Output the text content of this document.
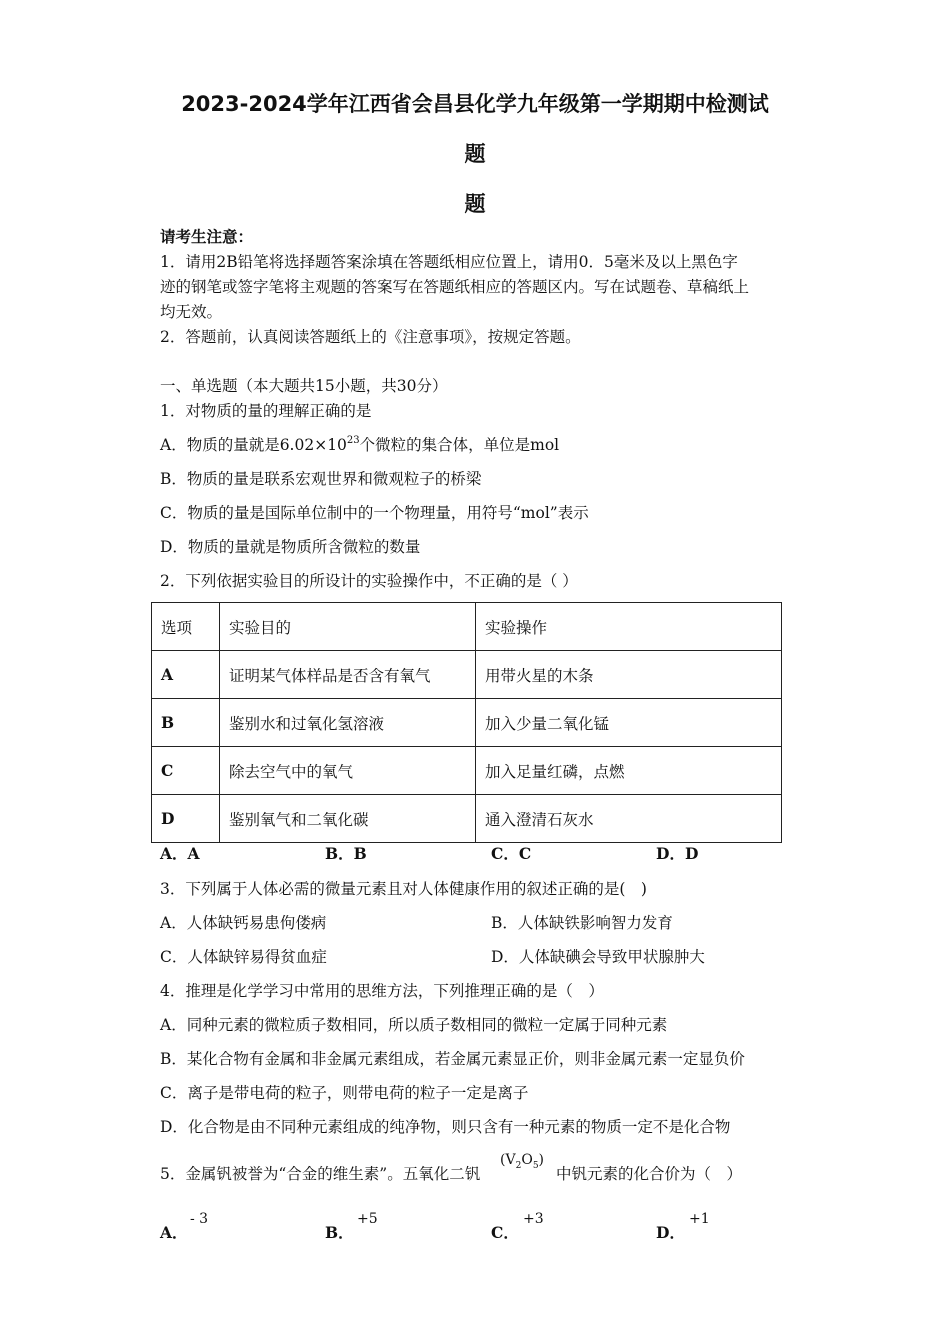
2023-2024学年江西省会昌县化学九年级第一学期期中检测试
题
题
请考生注意：
1．请用2B铅笔将选择题答案涂填在答题纸相应位置上，请用0．5毫米及以上黑色字
迹的钢笔或签字笔将主观题的答案写在答题纸相应的答题区内。写在试题卷、草稿纸上
均无效。
2．答题前，认真阅读答题纸上的《注意事项》，按规定答题。
一、单选题（本大题共15小题，共30分）
1．对物质的量的理解正确的是
A．物质的量就是$6.02\times 10^{23}$个微粒的集合体，单位是mol
B．物质的量是联系宏观世界和微观粒子的桥梁
C．物质的量是国际单位制中的一个物理量，用符号“mol”表示
D．物质的量就是物质所含微粒的数量
2．下列依据实验目的所设计的实验操作中，不正确的是（ ）
选项	实验目的	实验操作
A	证明某气体样品是否含有氧气	用带火星的木条
B	鉴别水和过氧化氢溶液	加入少量二氧化锰
C	除去空气中的氧气	加入足量红磷，点燃
D	鉴别氧气和二氧化碳	通入澄清石灰水
A．A	B．B	C．C	D．D
3．下列属于人体必需的微量元素且对人体健康作用的叙述正确的是(　)
A．人体缺钙易患佝偻病	B．人体缺铁影响智力发育
C．人体缺锌易得贫血症	D．人体缺碘会导致甲状腺肿大
4．推理是化学学习中常用的思维方法，下列推理正确的是（　）
A．同种元素的微粒质子数相同，所以质子数相同的微粒一定属于同种元素
B．某化合物有金属和非金属元素组成，若金属元素显正价，则非金属元素一定显负价
C．离子是带电荷的粒子，则带电荷的粒子一定是离子
D．化合物是由不同种元素组成的纯净物，则只含有一种元素的物质一定不是化合物
5．金属钒被誉为“合金的维生素”。五氧化二钒
$(V_2O_5)$
中钒元素的化合价为（　）
A．
- 3
B．
+5
C．
+3
D．
+1
